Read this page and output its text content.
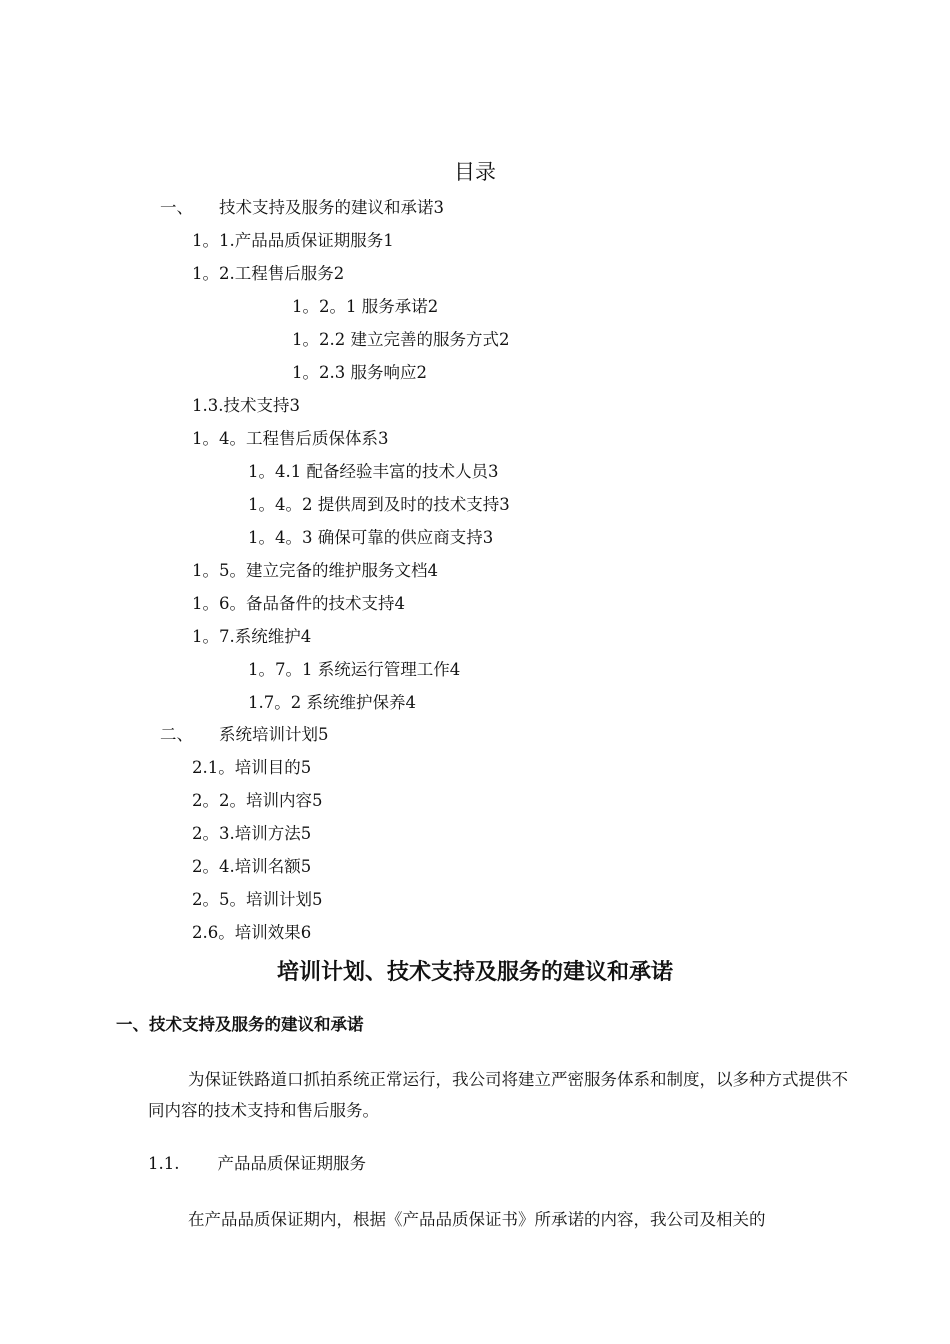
目录
一、 技术支持及服务的建议和承诺3
1。1.产品品质保证期服务1
1。2.工程售后服务2
1。2。1 服务承诺2
1。2.2 建立完善的服务方式2
1。2.3 服务响应2
1.3.技术支持3
1。4。工程售后质保体系3
1。4.1 配备经验丰富的技术人员3
1。4。2 提供周到及时的技术支持3
1。4。3 确保可靠的供应商支持3
1。5。建立完备的维护服务文档4
1。6。备品备件的技术支持4
1。7.系统维护4
1。7。1 系统运行管理工作4
1.7。2 系统维护保养4
二、 系统培训计划5
2.1。培训目的5
2。2。培训内容5
2。3.培训方法5
2。4.培训名额5
2。5。培训计划5
2.6。培训效果6
培训计划、技术支持及服务的建议和承诺
一、技术支持及服务的建议和承诺
为保证铁路道口抓拍系统正常运行，我公司将建立严密服务体系和制度，以多种方式提供不同内容的技术支持和售后服务。
1.1. 产品品质保证期服务
在产品品质保证期内，根据《产品品质保证书》所承诺的内容，我公司及相关的
